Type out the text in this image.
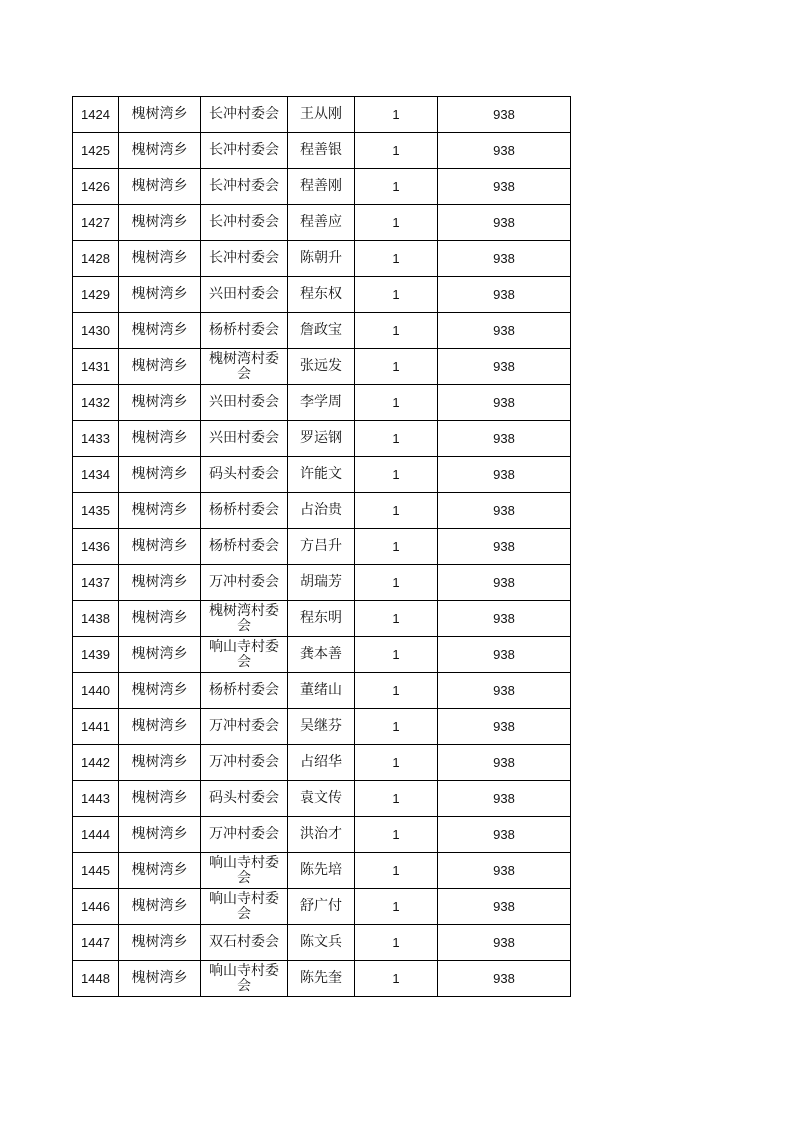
1424	槐树湾乡	长冲村委会	王从刚	1	938
1425	槐树湾乡	长冲村委会	程善银	1	938
1426	槐树湾乡	长冲村委会	程善刚	1	938
1427	槐树湾乡	长冲村委会	程善应	1	938
1428	槐树湾乡	长冲村委会	陈朝升	1	938
1429	槐树湾乡	兴田村委会	程东权	1	938
1430	槐树湾乡	杨桥村委会	詹政宝	1	938
1431	槐树湾乡	槐树湾村委会	张远发	1	938
1432	槐树湾乡	兴田村委会	李学周	1	938
1433	槐树湾乡	兴田村委会	罗运钢	1	938
1434	槐树湾乡	码头村委会	许能文	1	938
1435	槐树湾乡	杨桥村委会	占治贵	1	938
1436	槐树湾乡	杨桥村委会	方吕升	1	938
1437	槐树湾乡	万冲村委会	胡瑞芳	1	938
1438	槐树湾乡	槐树湾村委会	程东明	1	938
1439	槐树湾乡	响山寺村委会	龚本善	1	938
1440	槐树湾乡	杨桥村委会	董绪山	1	938
1441	槐树湾乡	万冲村委会	吴继芬	1	938
1442	槐树湾乡	万冲村委会	占绍华	1	938
1443	槐树湾乡	码头村委会	袁文传	1	938
1444	槐树湾乡	万冲村委会	洪治才	1	938
1445	槐树湾乡	响山寺村委会	陈先培	1	938
1446	槐树湾乡	响山寺村委会	舒广付	1	938
1447	槐树湾乡	双石村委会	陈文兵	1	938
1448	槐树湾乡	响山寺村委会	陈先奎	1	938
